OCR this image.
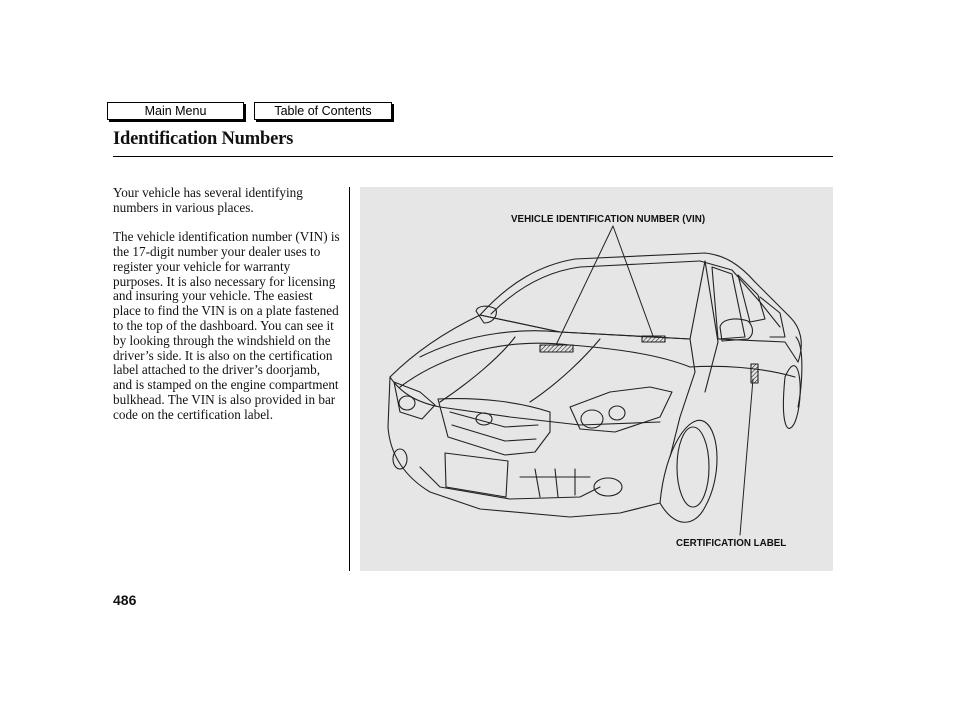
Main Menu	Table of Contents
Identification Numbers

Your vehicle has several identifying numbers in various places.

The vehicle identification number (VIN) is the 17-digit number your dealer uses to register your vehicle for warranty purposes. It is also necessary for licensing and insuring your vehicle. The easiest place to find the VIN is on a plate fastened to the top of the dashboard. You can see it by looking through the windshield on the driver’s side. It is also on the certification label attached to the driver’s doorjamb, and is stamped on the engine compartment bulkhead. The VIN is also provided in bar code on the certification label.

VEHICLE IDENTIFICATION NUMBER (VIN)
CERTIFICATION LABEL
486
